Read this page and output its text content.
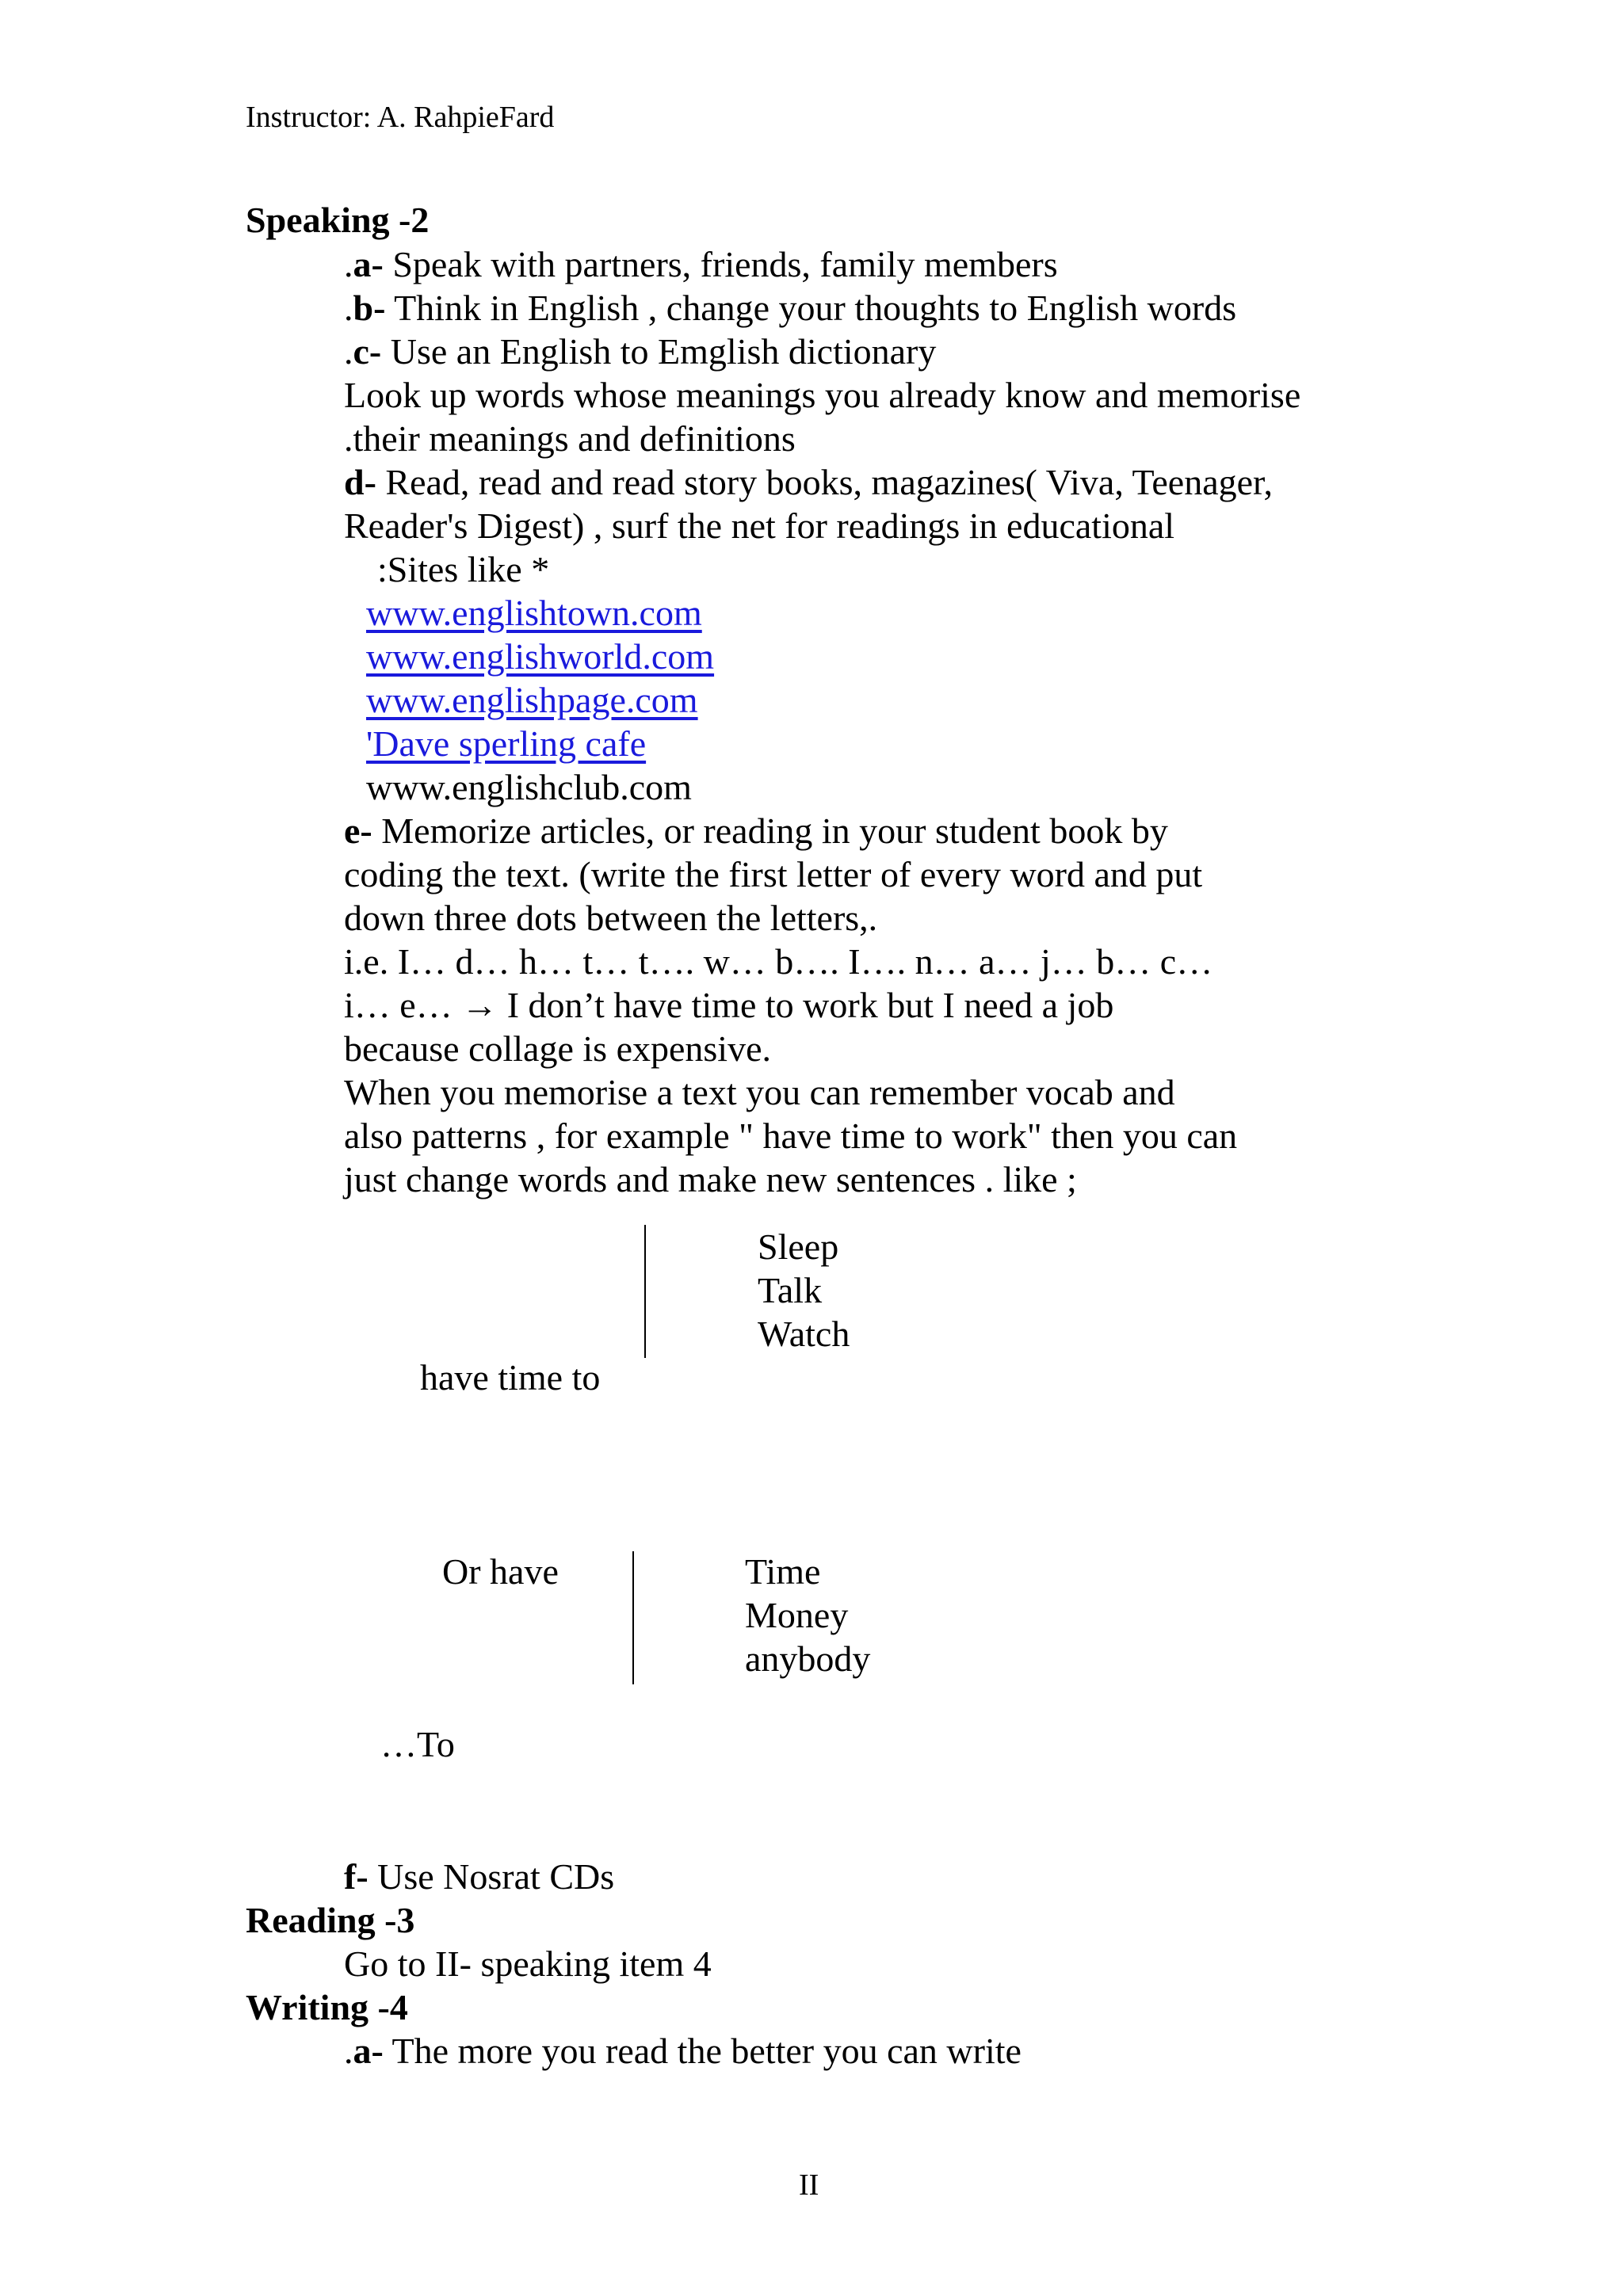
Instructor: A. RahpieFard
Speaking -2
.a- Speak with partners, friends, family members
.b- Think in English , change your thoughts to English words
.c- Use an English to Emglish dictionary
Look up words whose meanings you already know and memorise
.their meanings and definitions
d- Read, read and read story books, magazines( Viva, Teenager,
Reader's Digest) , surf the net for readings in educational
:Sites like *
www.englishtown.com
www.englishworld.com
www.englishpage.com
'Dave sperling cafe
www.englishclub.com
e- Memorize articles, or reading in your student book by
coding the text. (write the first letter of every word and put
down three dots between the letters,.
i.e. I… d… h… t… t…. w… b…. I…. n… a… j… b… c…
i… e… → I don’t have time to work but I need a job
because collage is expensive.
When you memorise a text you can remember vocab and
also patterns , for example " have time to work" then you can
just change words and make new sentences . like ;
Sleep
Talk
Watch
have time to
Or have	Time
Money
anybody
…To
f- Use Nosrat CDs
Reading -3
Go to II- speaking item 4
Writing -4
.a- The more you read the better you can write
II
